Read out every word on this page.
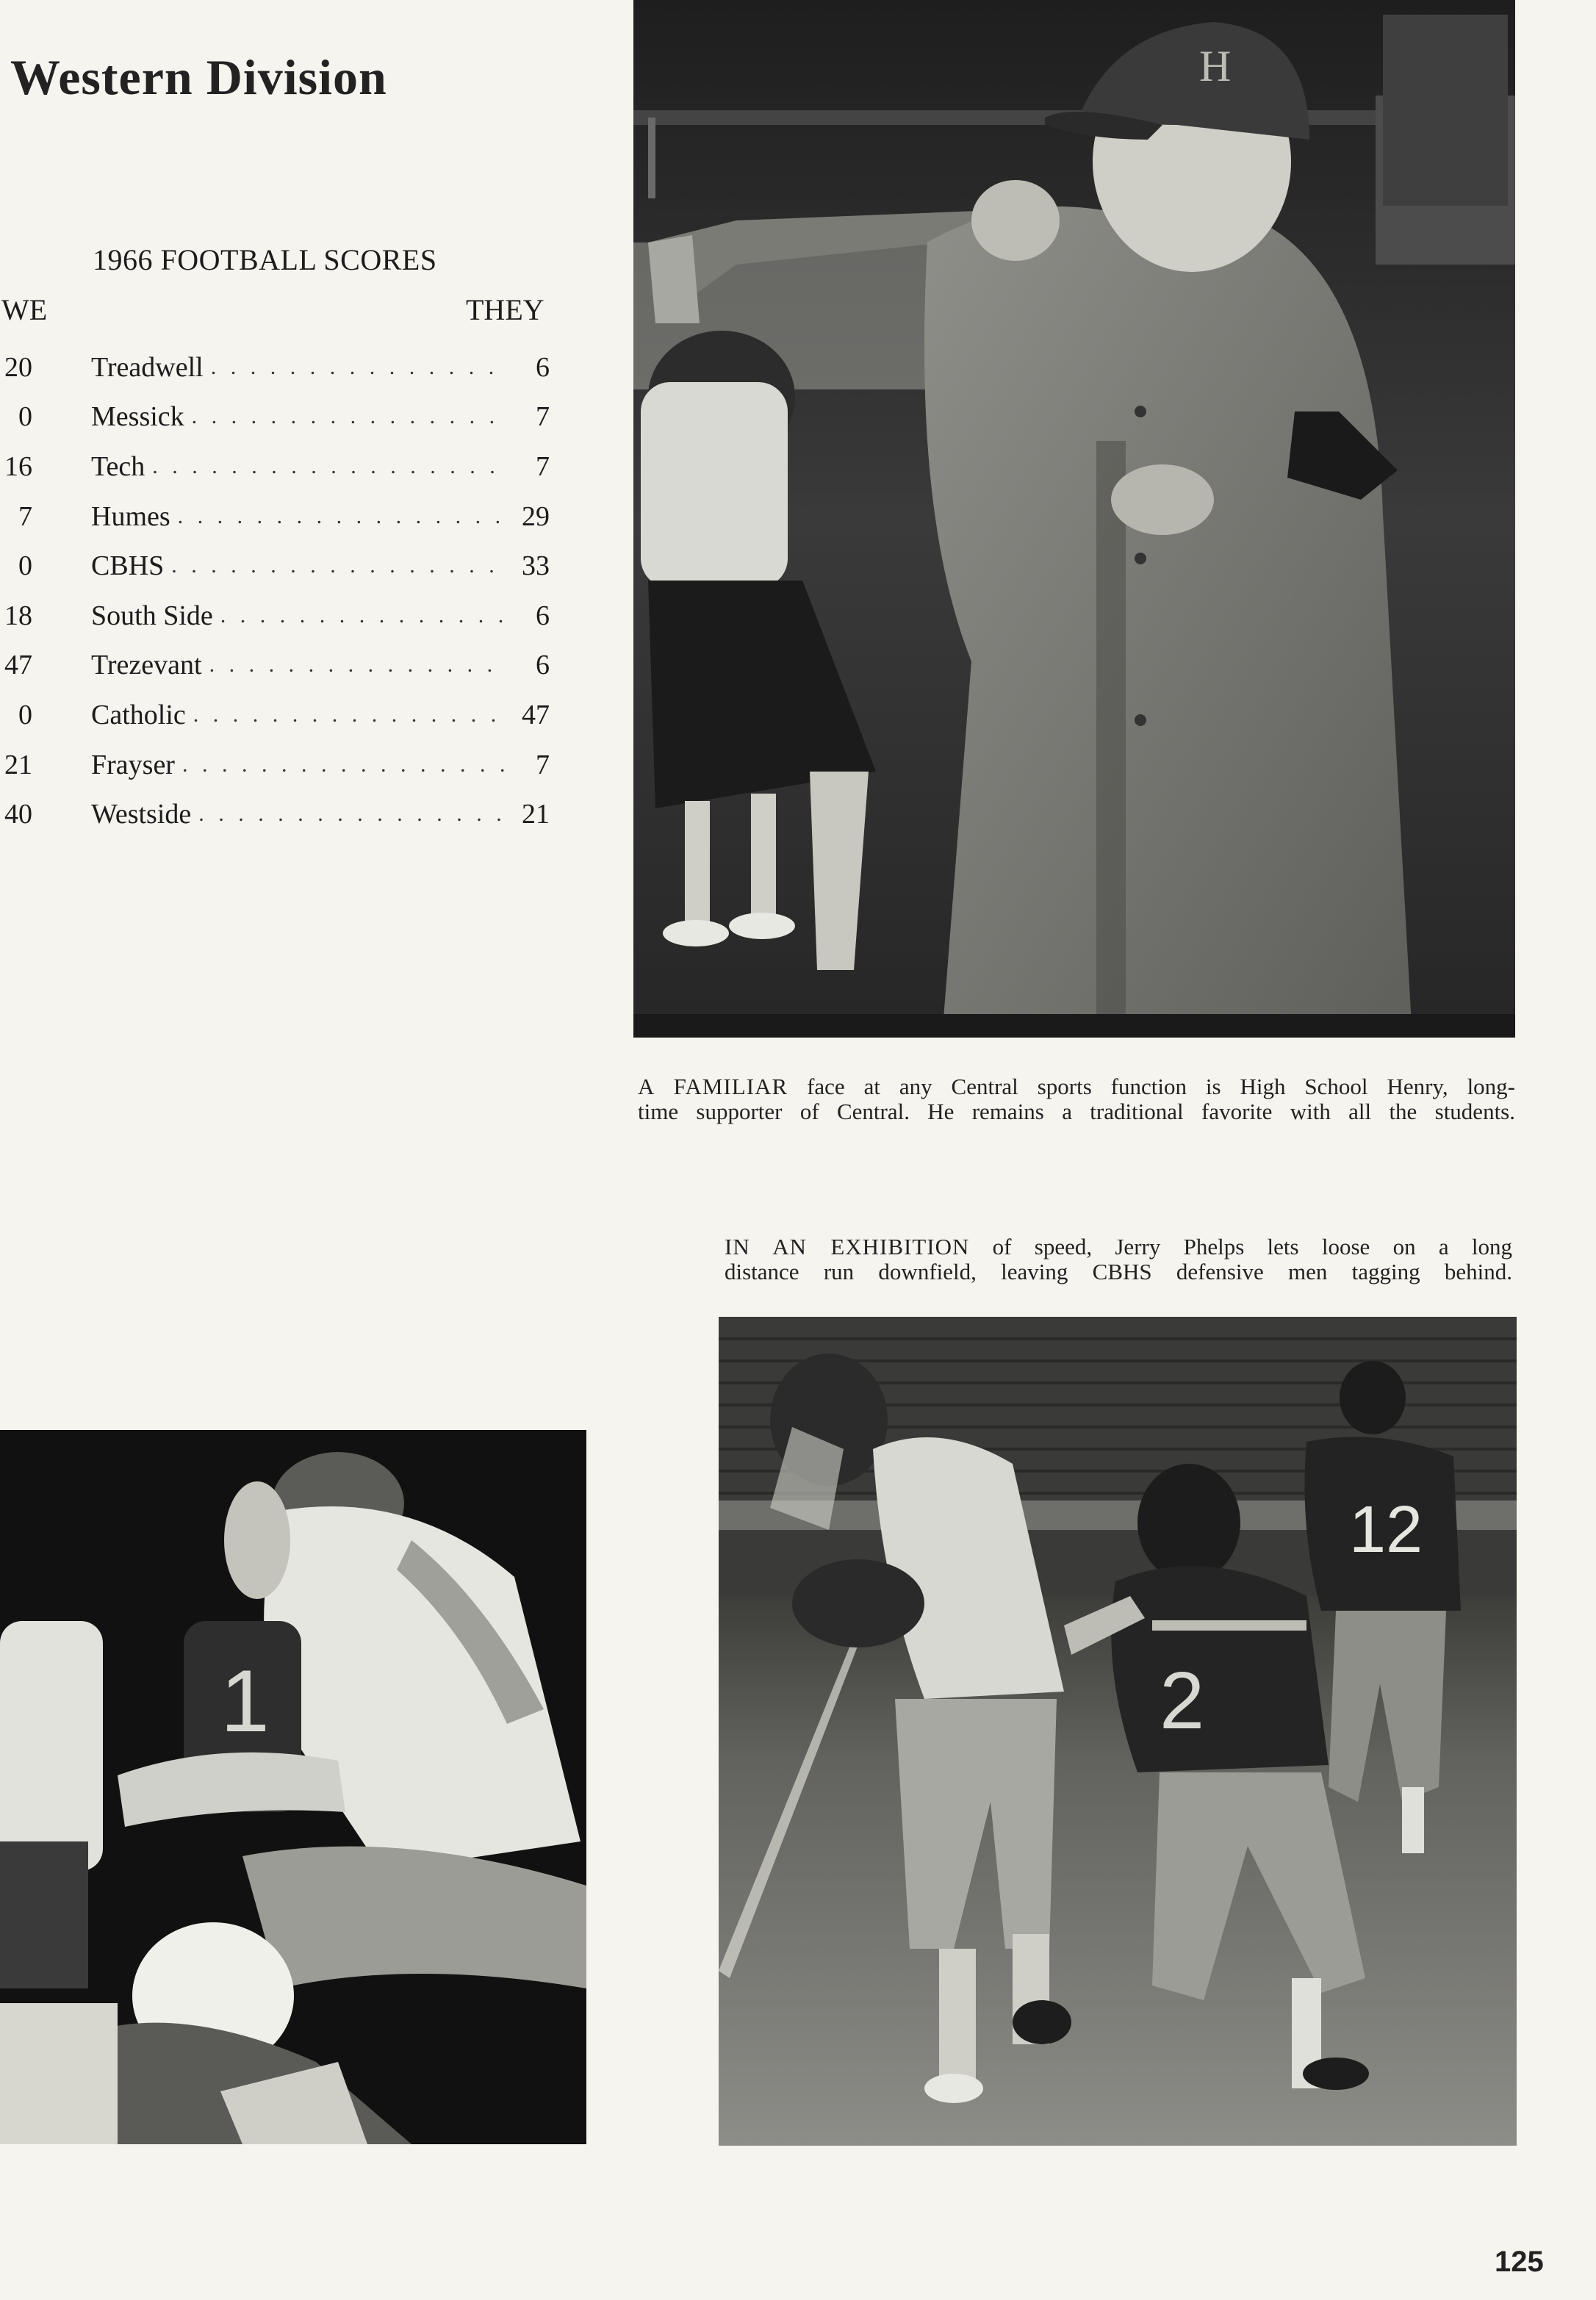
Western Division
1966 FOOTBALL SCORES
WE	THEY
20 Treadwell . . .	6
0 Messick . . .	7
16 Tech . . .	7
7 Humes . . .	29
0 CBHS . . .	33
18 South Side . . .	6
47 Trezevant . . .	6
0 Catholic . . .	47
21 Frayser . . .	7
40 Westside . . .	21
H
A FAMILIAR face at any Central sports function is High School Henry, long-
time supporter of Central. He remains a traditional favorite with all the students.
IN AN EXHIBITION of speed, Jerry Phelps lets loose on a long
distance run downfield, leaving CBHS defensive men tagging behind.
1	2
12
125
